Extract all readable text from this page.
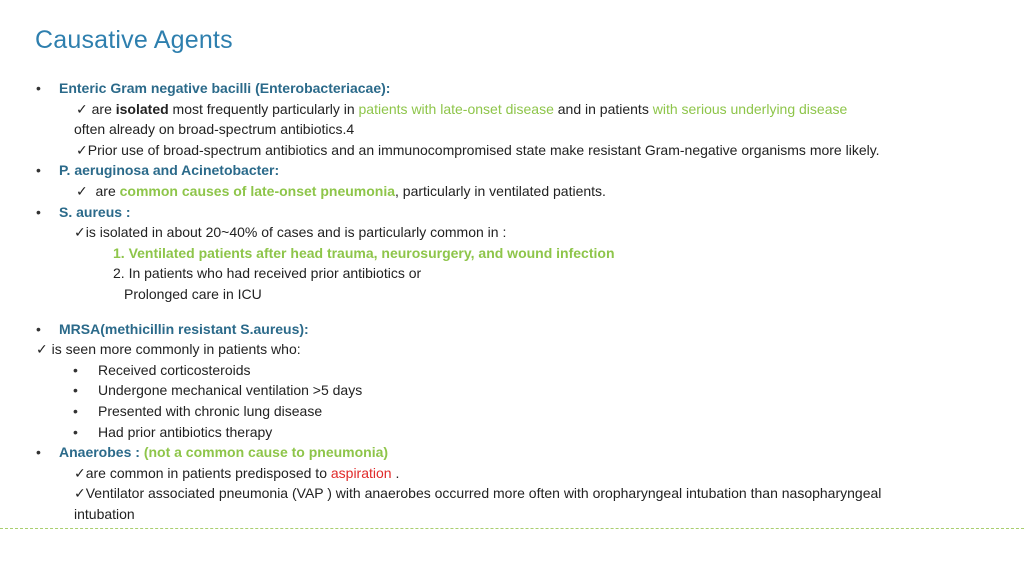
Causative Agents
• Enteric Gram negative bacilli (Enterobacteriacae):
✓ are isolated most frequently particularly in patients with late-onset disease and in patients with serious underlying disease
often already on broad-spectrum antibiotics.4
✓Prior use of broad-spectrum antibiotics and an immunocompromised state make resistant Gram-negative organisms more likely.
• P. aeruginosa and Acinetobacter:
✓  are common causes of late-onset pneumonia, particularly in ventilated patients.
• S. aureus :
✓is isolated in about 20~40% of cases and is particularly common in :
1. Ventilated patients after head trauma, neurosurgery, and wound infection
2. In patients who had received prior antibiotics or
Prolonged care in ICU
• MRSA(methicillin resistant S.aureus):
✓ is seen more commonly in patients who:
• Received corticosteroids
• Undergone mechanical ventilation >5 days
• Presented with chronic lung disease
• Had prior antibiotics therapy
• Anaerobes : (not a common cause to pneumonia)
✓are common in patients predisposed to aspiration .
✓Ventilator associated pneumonia (VAP ) with anaerobes occurred more often with oropharyngeal intubation than nasopharyngeal
intubation
